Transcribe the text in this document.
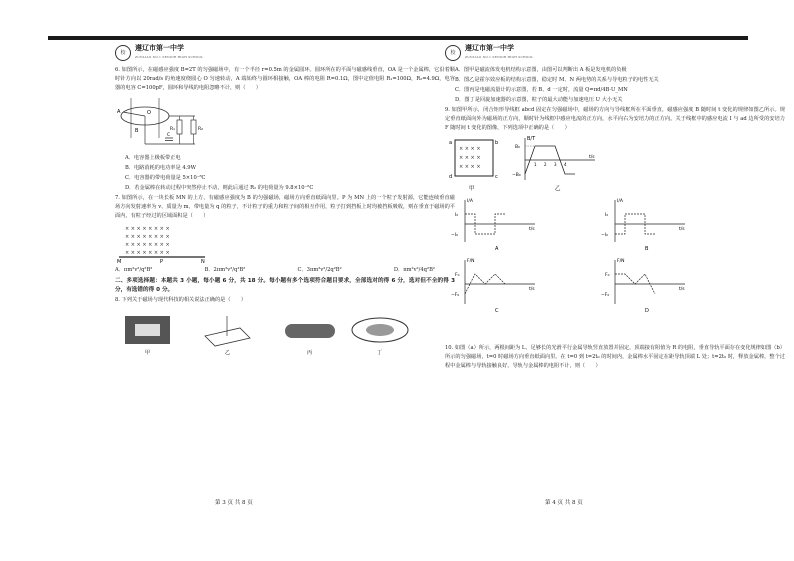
校
遵辽市第一中学
ZUNLIAO NO.1 SENIOR HIGH SCHOOL

6. 如图所示，在磁感应强度 B=2T 的匀强磁场中，有一个半径 r=0.5m 的金属圆环。圆环所在的平面与磁感线垂直，OA 是一个金属棒，它沿着顺时针方向以 20rad/s 的角速度绕圆心 O 匀速转动，A 端始终与圆环相接触，OA 棒的电阻 R=0.1Ω，图中定值电阻 R₁=100Ω，R₂=4.9Ω，电容器的电容 C=100pF，圆环和导线的电阻忽略不计，则（　　）

A	O
B	R₁	R₂
C

A．电容器上极板带正电

B．电路消耗的电功率是 4.9W

C．电容器的带电荷量是 5×10⁻⁸C

D．若金属棒在转动过程中突然停止不动，则此后通过 R₂ 的电荷量为 9.8×10⁻⁶C

7. 如图所示，在一块长板 MN 的上方，有磁感应强度为 B 的匀强磁场，磁场方向垂直纸面向里。P 为 MN 上的一个粒子发射源，它能连续垂直磁场方向发射速率为 v、质量为 m、带电量为 q 的粒子，不计粒子的重力和粒子间的相互作用，粒子打到挡板上时均被挡板吸收，则在垂直于磁场的平面内，有粒子经过的区域面积是（　　）

× × × × × × × ×
× × × × × × × ×
× × × × × × × ×
× × × × × × × ×
M	P	N
A．πm²v²/q²B²	B．2πm²v²/q²B²	C．3πm²v²/2q²B²	D．πm²v²/4q²B²

二、多项选择题：本题共 3 小题，每小题 6 分，共 18 分。每小题有多个选项符合题目要求，全部选对的得 6 分，选对但不全的得 3 分，有选错的得 0 分。

8. 下列关于磁场与现代科技的相关说法正确的是（　　）

甲	乙	丙	丁
第 3 页 共 8 页
校
遵辽市第一中学
ZUNLIAO NO.1 SENIOR HIGH SCHOOL

A．图甲是磁流体发电机结构示意图，由图可以判断出 A 板是发电机的负极

B．图乙是霍尔效应板的结构示意图，稳定时 M、N 两电势的关系与导电粒子的电性无关

C．图丙是电磁流量计的示意图，若 B、d 一定时，流量 Q=πd/4B·U_MN

D．图丁是回旋加速器的示意图，粒子的最大动能与加速电压 U 大小无关

9. 如图甲所示，闭合矩形导线框 abcd 固定在匀强磁场中，磁场的方向与导线框所在平面垂直，磁感应强度 B 随时间 t 变化的规律如图乙所示。规定垂直纸面向外为磁场的正方向，顺时针为线框中感应电流的正方向，水平向右为安培力的正方向。关于线框中的感应电流 I 与 ad 边所受的安培力 F 随时间 t 变化的图像，下列选项中正确的是（　　）

× × × ×
× × × ×
× × × ×
a	b
d	c
甲
B/T
B₀
−B₀
t/s
1 2 3 4
乙
I/A
I₀
−I₀
t/s
A
I/A
I₀
−I₀
t/s
B
F/N
F₀
−F₀
t/s
C
F/N
F₀
−F₀
t/s
D

10. 如图（a）所示，两根间距为 L、足够长的光滑平行金属导轨竖直放置并固定，顶端接有阻值为 R 的电阻，垂直导轨平面存在变化规律如图（b）所示的匀强磁场，t=0 时磁场方向垂直纸面向里。在 t=0 到 t=2t₀ 的时间内，金属棒水平固定在距导轨顶端 L 处；t=2t₀ 时，释放金属棒，整个过程中金属棒与导轨接触良好，导轨与金属棒的电阻不计，则（　　）

第 4 页 共 8 页
